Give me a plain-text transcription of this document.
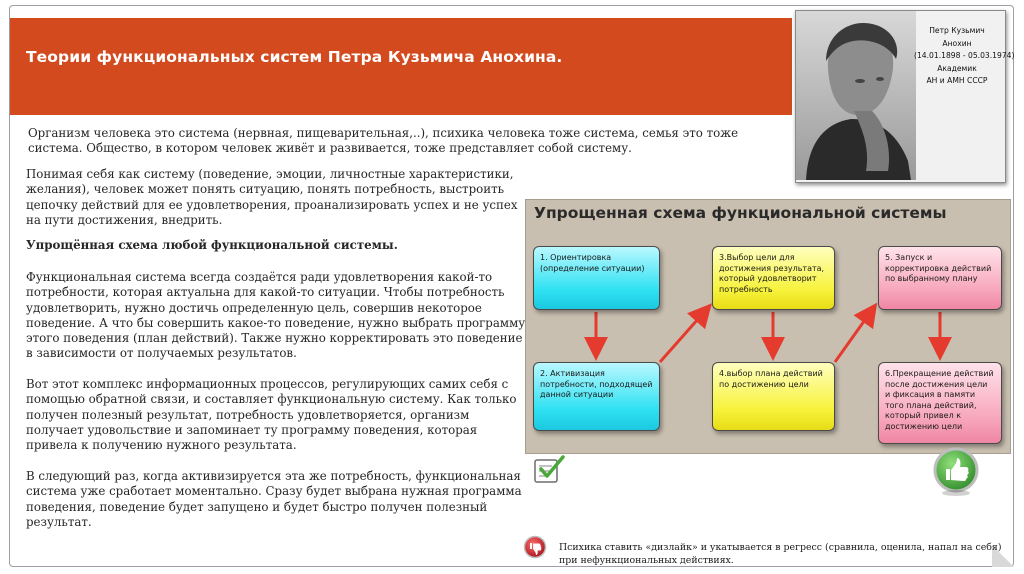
Теории функциональных систем Петра Кузьмича Анохина.
Петр Кузьмич
Анохин
(14.01.1898 - 05.03.1974)
Академик
АН и АМН СССР
Организм человека это система (нервная, пищеварительная,..), психика человека тоже система, семья это тоже система. Общество, в котором человек живёт и развивается, тоже представляет собой систему.
Понимая себя как систему (поведение, эмоции, личностные характеристики, желания), человек может понять ситуацию, понять потребность, выстроить цепочку действий для ее удовлетворения, проанализировать успех и не успех на пути достижения, внедрить.
Упрощённая схема любой функциональной системы.
Функциональная система всегда создаётся ради удовлетворения какой-то потребности, которая актуальна для какой-то ситуации. Чтобы потребность удовлетворить, нужно достичь определенную цель, совершив некоторое поведение. А что бы совершить какое-то поведение, нужно выбрать программу этого поведения (план действий). Также нужно корректировать это поведение в зависимости от получаемых результатов.
Вот этот комплекс информационных процессов, регулирующих самих себя с помощью обратной связи, и составляет функциональную систему. Как только получен полезный результат, потребность удовлетворяется, организм получает удовольствие и запоминает ту программу поведения, которая привела к получению нужного результата.
В следующий раз, когда активизируется эта же потребность, функциональная система уже сработает моментально. Сразу будет выбрана нужная программа поведения, поведение будет запущено и будет быстро получен полезный результат.
Упрощенная схема функциональной системы
1. Ориентировка (определение ситуации)
3.Выбор цели для достижения результата, который удовлетворит потребность
5. Запуск и корректировка действий по выбранному плану
2. Активизация потребности, подходящей данной ситуации
4.выбор плана действий по достижению цели
6.Прекращение действий после достижения цели и фиксация в памяти того плана действий, который привел к достижению цели
Психика ставить «дизлайк» и укатывается в регресс (сравнила, оценила, напал на себя) при нефункциональных действиях.
